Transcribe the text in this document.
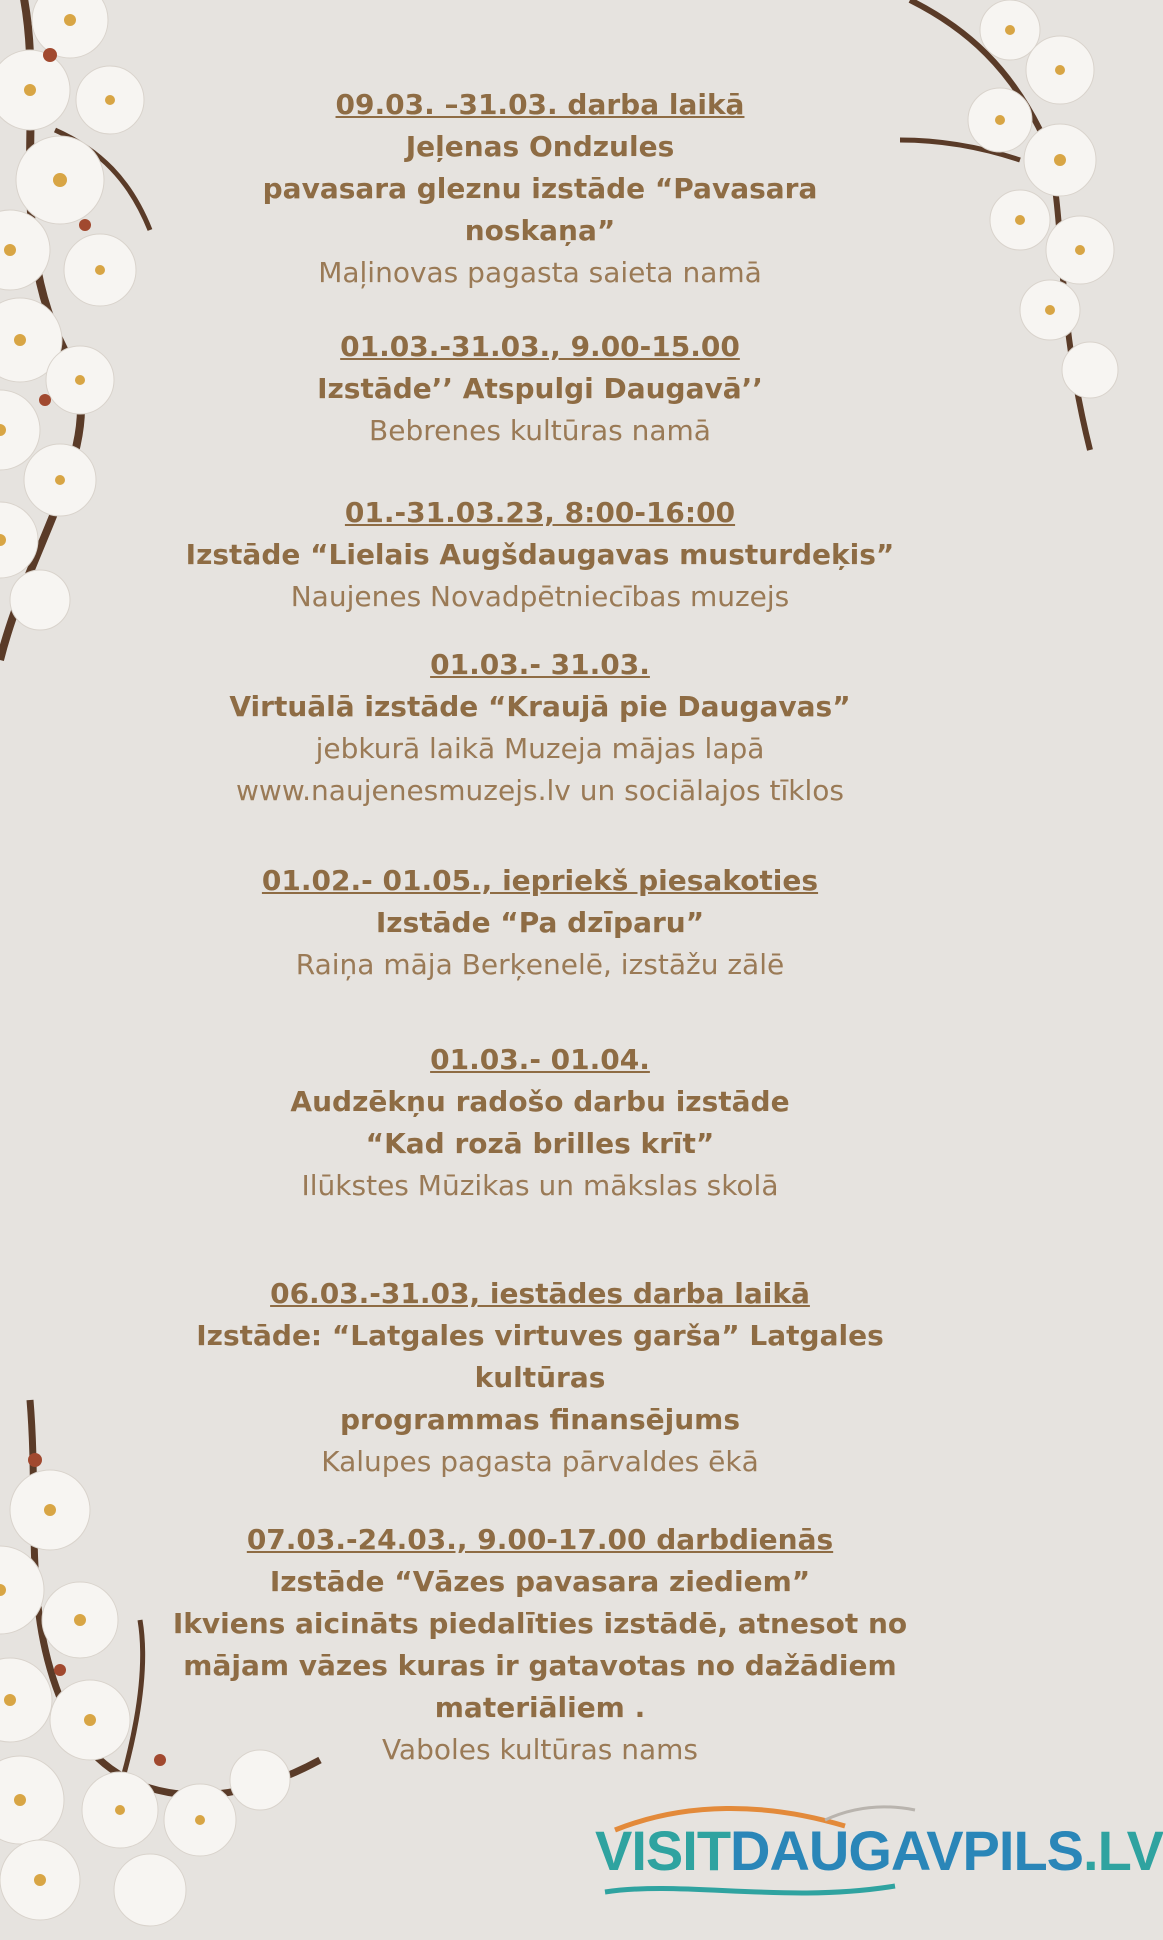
09.03. –31.03. darba laikā
Jeļenas Ondzules
pavasara gleznu izstāde “Pavasara
noskaņa”
Maļinovas pagasta saieta namā
01.03.-31.03., 9.00-15.00
Izstāde’’ Atspulgi Daugavā’’
Bebrenes kultūras namā
01.-31.03.23, 8:00-16:00
Izstāde “Lielais Augšdaugavas musturdeķis”
Naujenes Novadpētniecības muzejs
01.03.- 31.03.
Virtuālā izstāde “Kraujā pie Daugavas”
jebkurā laikā Muzeja mājas lapā
www.naujenesmuzejs.lv un sociālajos tīklos
01.02.- 01.05., iepriekš piesakoties
Izstāde “Pa dzīparu”
Raiņa māja Berķenelē, izstāžu zālē
01.03.- 01.04.
Audzēkņu radošo darbu izstāde
“Kad rozā brilles krīt”
Ilūkstes Mūzikas un mākslas skolā
06.03.-31.03, iestādes darba laikā
Izstāde: “Latgales virtuves garša” Latgales kultūras
programmas finansējums
Kalupes pagasta pārvaldes ēkā
07.03.-24.03., 9.00-17.00 darbdienās
Izstāde “Vāzes pavasara ziediem”
Ikviens aicināts piedalīties izstādē, atnesot no
mājam vāzes kuras ir gatavotas no dažādiem
materiāliem .
Vaboles kultūras nams
VISITDAUGAVPILS.LV
